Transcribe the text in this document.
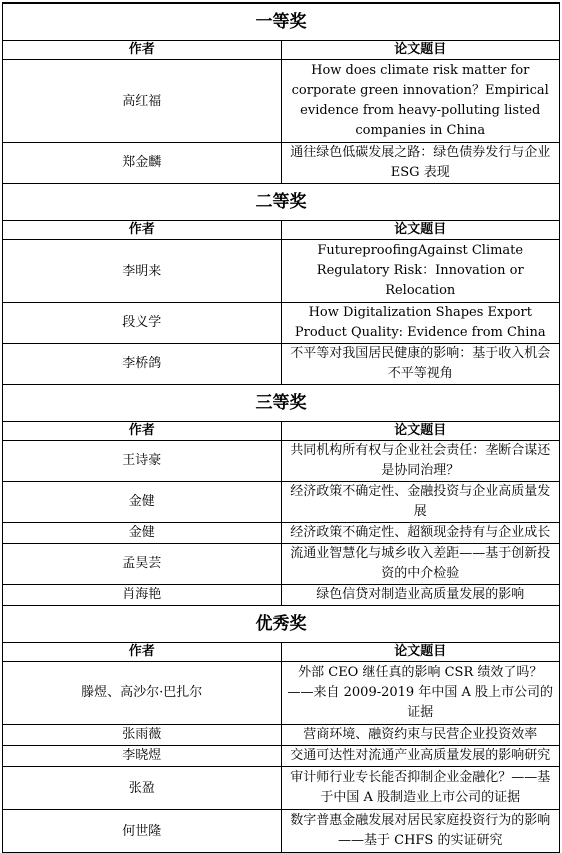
一等奖	
作者	论文题目
高红福	How does climate risk matter for corporate green innovation？Empirical evidence from heavy-polluting listed companies in China
郑金麟	通往绿色低碳发展之路：绿色债券发行与企业 ESG 表现
二等奖	
作者	论文题目
李明来	FutureproofingAgainst Climate Regulatory Risk：Innovation or Relocation
段义学	How Digitalization Shapes Export Product Quality: Evidence from China
李桥鸽	不平等对我国居民健康的影响：基于收入机会不平等视角
三等奖	
作者	论文题目
王诗豪	共同机构所有权与企业社会责任：垄断合谋还是协同治理？
金健	经济政策不确定性、金融投资与企业高质量发展
金健	经济政策不确定性、超额现金持有与企业成长
孟昊芸	流通业智慧化与城乡收入差距——基于创新投资的中介检验
肖海艳	绿色信贷对制造业高质量发展的影响
优秀奖	
作者	论文题目
滕煜、高沙尔·巴扎尔	外部 CEO 继任真的影响 CSR 绩效了吗？——来自 2009-2019 年中国 A 股上市公司的证据
张雨薇	营商环境、融资约束与民营企业投资效率
李晓煜	交通可达性对流通产业高质量发展的影响研究
张盈	审计师行业专长能否抑制企业金融化？——基于中国 A 股制造业上市公司的证据
何世隆	数字普惠金融发展对居民家庭投资行为的影响——基于 CHFS 的实证研究
